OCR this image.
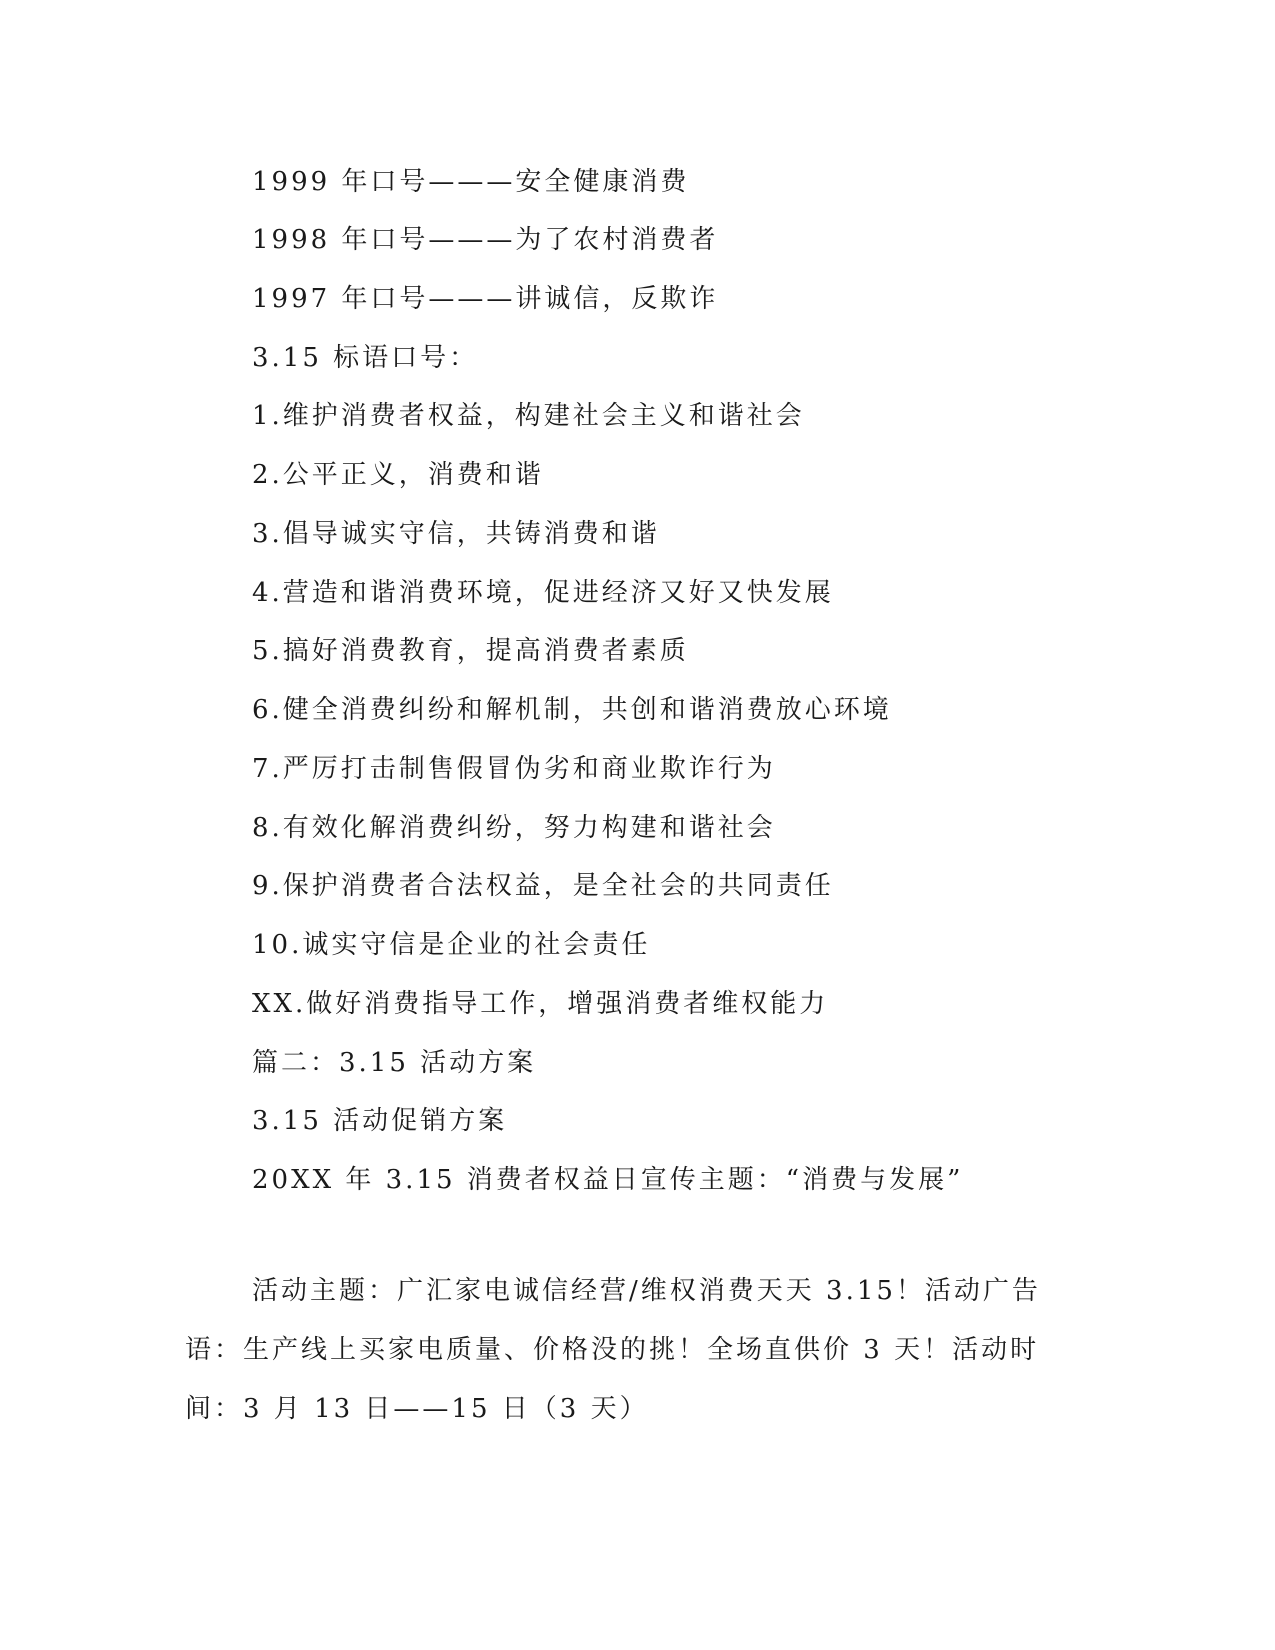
1999 年口号———安全健康消费
1998 年口号———为了农村消费者
1997 年口号———讲诚信，反欺诈
3.15 标语口号：
1.维护消费者权益，构建社会主义和谐社会
2.公平正义，消费和谐
3.倡导诚实守信，共铸消费和谐
4.营造和谐消费环境，促进经济又好又快发展
5.搞好消费教育，提高消费者素质
6.健全消费纠纷和解机制，共创和谐消费放心环境
7.严厉打击制售假冒伪劣和商业欺诈行为
8.有效化解消费纠纷，努力构建和谐社会
9.保护消费者合法权益，是全社会的共同责任
10.诚实守信是企业的社会责任
XX.做好消费指导工作，增强消费者维权能力
篇二：3.15 活动方案
3.15 活动促销方案
20XX 年 3.15 消费者权益日宣传主题：“消费与发展”
活动主题：广汇家电诚信经营/维权消费天天 3.15！活动广告语：生产线上买家电质量、价格没的挑！全场直供价 3 天！活动时间：3 月 13 日——15 日（3 天）
